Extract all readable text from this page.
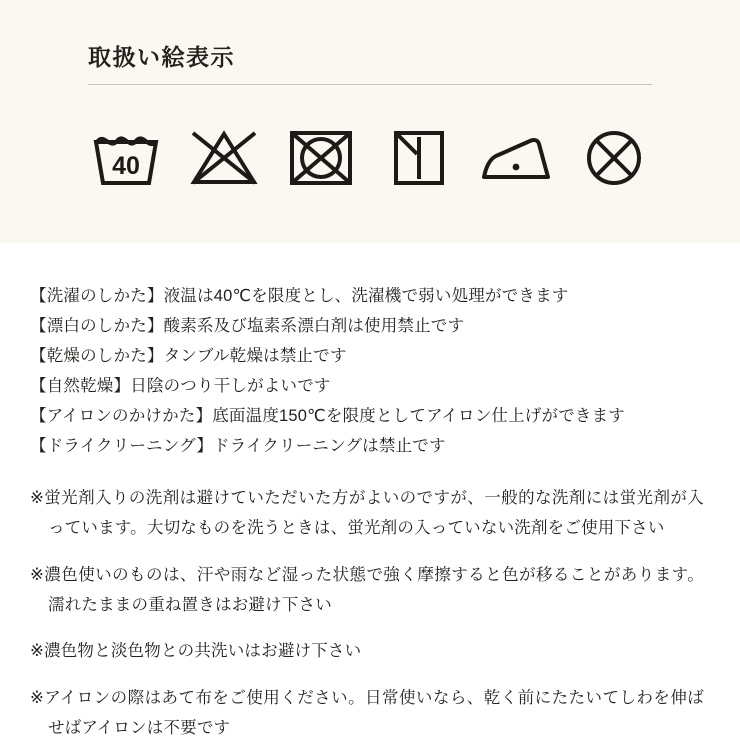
取扱い絵表示
40
【洗濯のしかた】液温は40℃を限度とし、洗濯機で弱い処理ができます
【漂白のしかた】酸素系及び塩素系漂白剤は使用禁止です
【乾燥のしかた】タンブル乾燥は禁止です
【自然乾燥】日陰のつり干しがよいです
【アイロンのかけかた】底面温度150℃を限度としてアイロン仕上げができます
【ドライクリーニング】ドライクリーニングは禁止です

※蛍光剤入りの洗剤は避けていただいた方がよいのですが、一般的な洗剤には蛍光剤が入っています。大切なものを洗うときは、蛍光剤の入っていない洗剤をご使用下さい

※濃色使いのものは、汗や雨など湿った状態で強く摩擦すると色が移ることがあります。濡れたままの重ね置きはお避け下さい

※濃色物と淡色物との共洗いはお避け下さい

※アイロンの際はあて布をご使用ください。日常使いなら、乾く前にたたいてしわを伸ばせばアイロンは不要です
